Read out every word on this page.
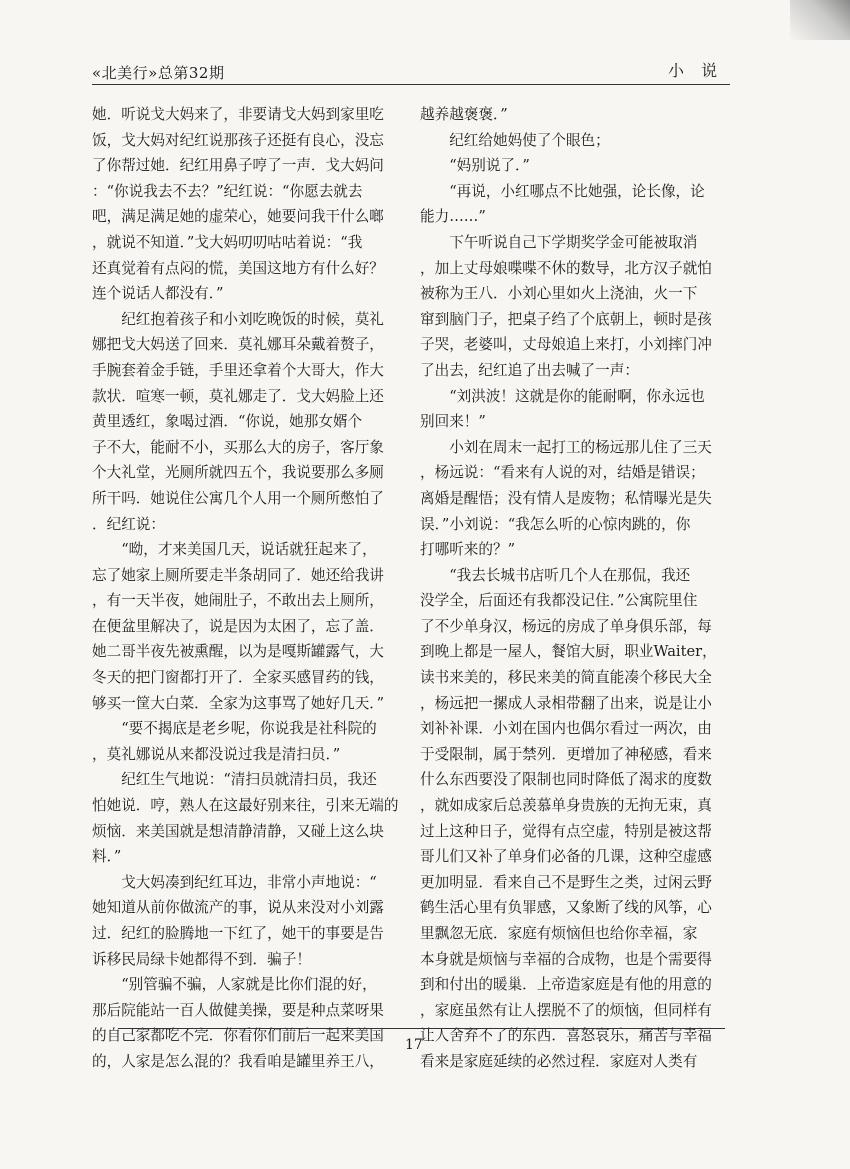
«北美行»总第32期	小 说

她．听说戈大妈来了，非要请戈大妈到家里吃

饭，戈大妈对纪红说那孩子还挺有良心，没忘

了你帮过她．纪红用鼻子哼了一声．戈大妈问

：“你说我去不去？”纪红说：“你愿去就去

吧，满足满足她的虚荣心，她要问我干什么啷

，就说不知道．”戈大妈叨叨咕咕着说：“我

还真觉着有点闷的慌，美国这地方有什么好？

连个说话人都没有．”

　　纪红抱着孩子和小刘吃晚饭的时候，莫礼

娜把戈大妈送了回来．莫礼娜耳朵戴着赘子，

手腕套着金手链，手里还拿着个大哥大，作大

款状．喧寒一顿，莫礼娜走了．戈大妈脸上还

黄里透红，象喝过酒．“你说，她那女婿个

子不大，能耐不小，买那么大的房子，客厅象

个大礼堂，光厕所就四五个，我说要那么多厕

所干吗．她说住公寓几个人用一个厕所憋怕了

．纪红说：

　　“呦，才来美国几天，说话就狂起来了，

忘了她家上厕所要走半条胡同了．她还给我讲

，有一天半夜，她闹肚子，不敢出去上厕所，

在便盆里解决了，说是因为太困了，忘了盖．

她二哥半夜先被熏醒，以为是嘎斯罐露气，大

冬天的把门窗都打开了．全家买感冒药的钱，

够买一筐大白菜．全家为这事骂了她好几天．”

　　“要不揭底是老乡呢，你说我是社科院的

，莫礼娜说从来都没说过我是清扫员．”

　　纪红生气地说：“清扫员就清扫员，我还

怕她说．哼，熟人在这最好别来往，引来无端的

烦恼．来美国就是想清静清静，又碰上这么块

料．”

　　戈大妈凑到纪红耳边，非常小声地说：“

她知道从前你做流产的事，说从来没对小刘露

过．纪红的脸腾地一下红了，她干的事要是告

诉移民局绿卡她都得不到．骗子！

　　“别管骗不骗，人家就是比你们混的好，

那后院能站一百人做健美操，要是种点菜呀果

的自己家都吃不完．你看你们前后一起来美国

的，人家是怎么混的？我看咱是罐里养王八，

越养越褒褒．”

　　纪红给她妈使了个眼色；

　　“妈别说了．”

　　“再说，小红哪点不比她强，论长像，论

能力……”

　　下午听说自己下学期奖学金可能被取消

，加上丈母娘喋喋不休的数导，北方汉子就怕

被称为王八．小刘心里如火上浇油，火一下

窜到脑门子，把桌子绉了个底朝上，顿时是孩

子哭，老婆叫，丈母娘追上来打，小刘摔门冲

了出去，纪红追了出去喊了一声：

　　“刘洪波！这就是你的能耐啊，你永远也

别回来！”

　　小刘在周末一起打工的杨远那儿住了三天

，杨远说：“看来有人说的对，结婚是错误；

离婚是醒悟；没有情人是废物；私情曝光是失

误．”小刘说：“我怎么听的心惊肉跳的，你

打哪听来的？”

　　“我去长城书店听几个人在那侃，我还

没学全，后面还有我都没记住．”公寓院里住

了不少单身汉，杨远的房成了单身俱乐部，每

到晚上都是一屋人，餐馆大厨，职业Waiter，

读书来美的，移民来美的简直能凑个移民大全

，杨远把一摞成人录相带翻了出来，说是让小

刘补补课．小刘在国内也偶尔看过一两次，由

于受限制，属于禁列．更增加了神秘感，看来

什么东西要没了限制也同时降低了渴求的度数

，就如成家后总羡慕单身贵族的无拘无束，真

过上这种日子，觉得有点空虚，特别是被这帮

哥儿们又补了单身们必备的几课，这种空虚感

更加明显．看来自己不是野生之类，过闲云野

鹤生活心里有负罪感，又象断了线的风筝，心

里飘忽无底．家庭有烦恼但也给你幸福，家

本身就是烦恼与幸福的合成物，也是个需要得

到和付出的暖巢．上帝造家庭是有他的用意的

，家庭虽然有让人摆脱不了的烦恼，但同样有

让人舍弃不了的东西．喜怒哀乐，痛苦与幸福

看来是家庭延续的必然过程．家庭对人类有

17
